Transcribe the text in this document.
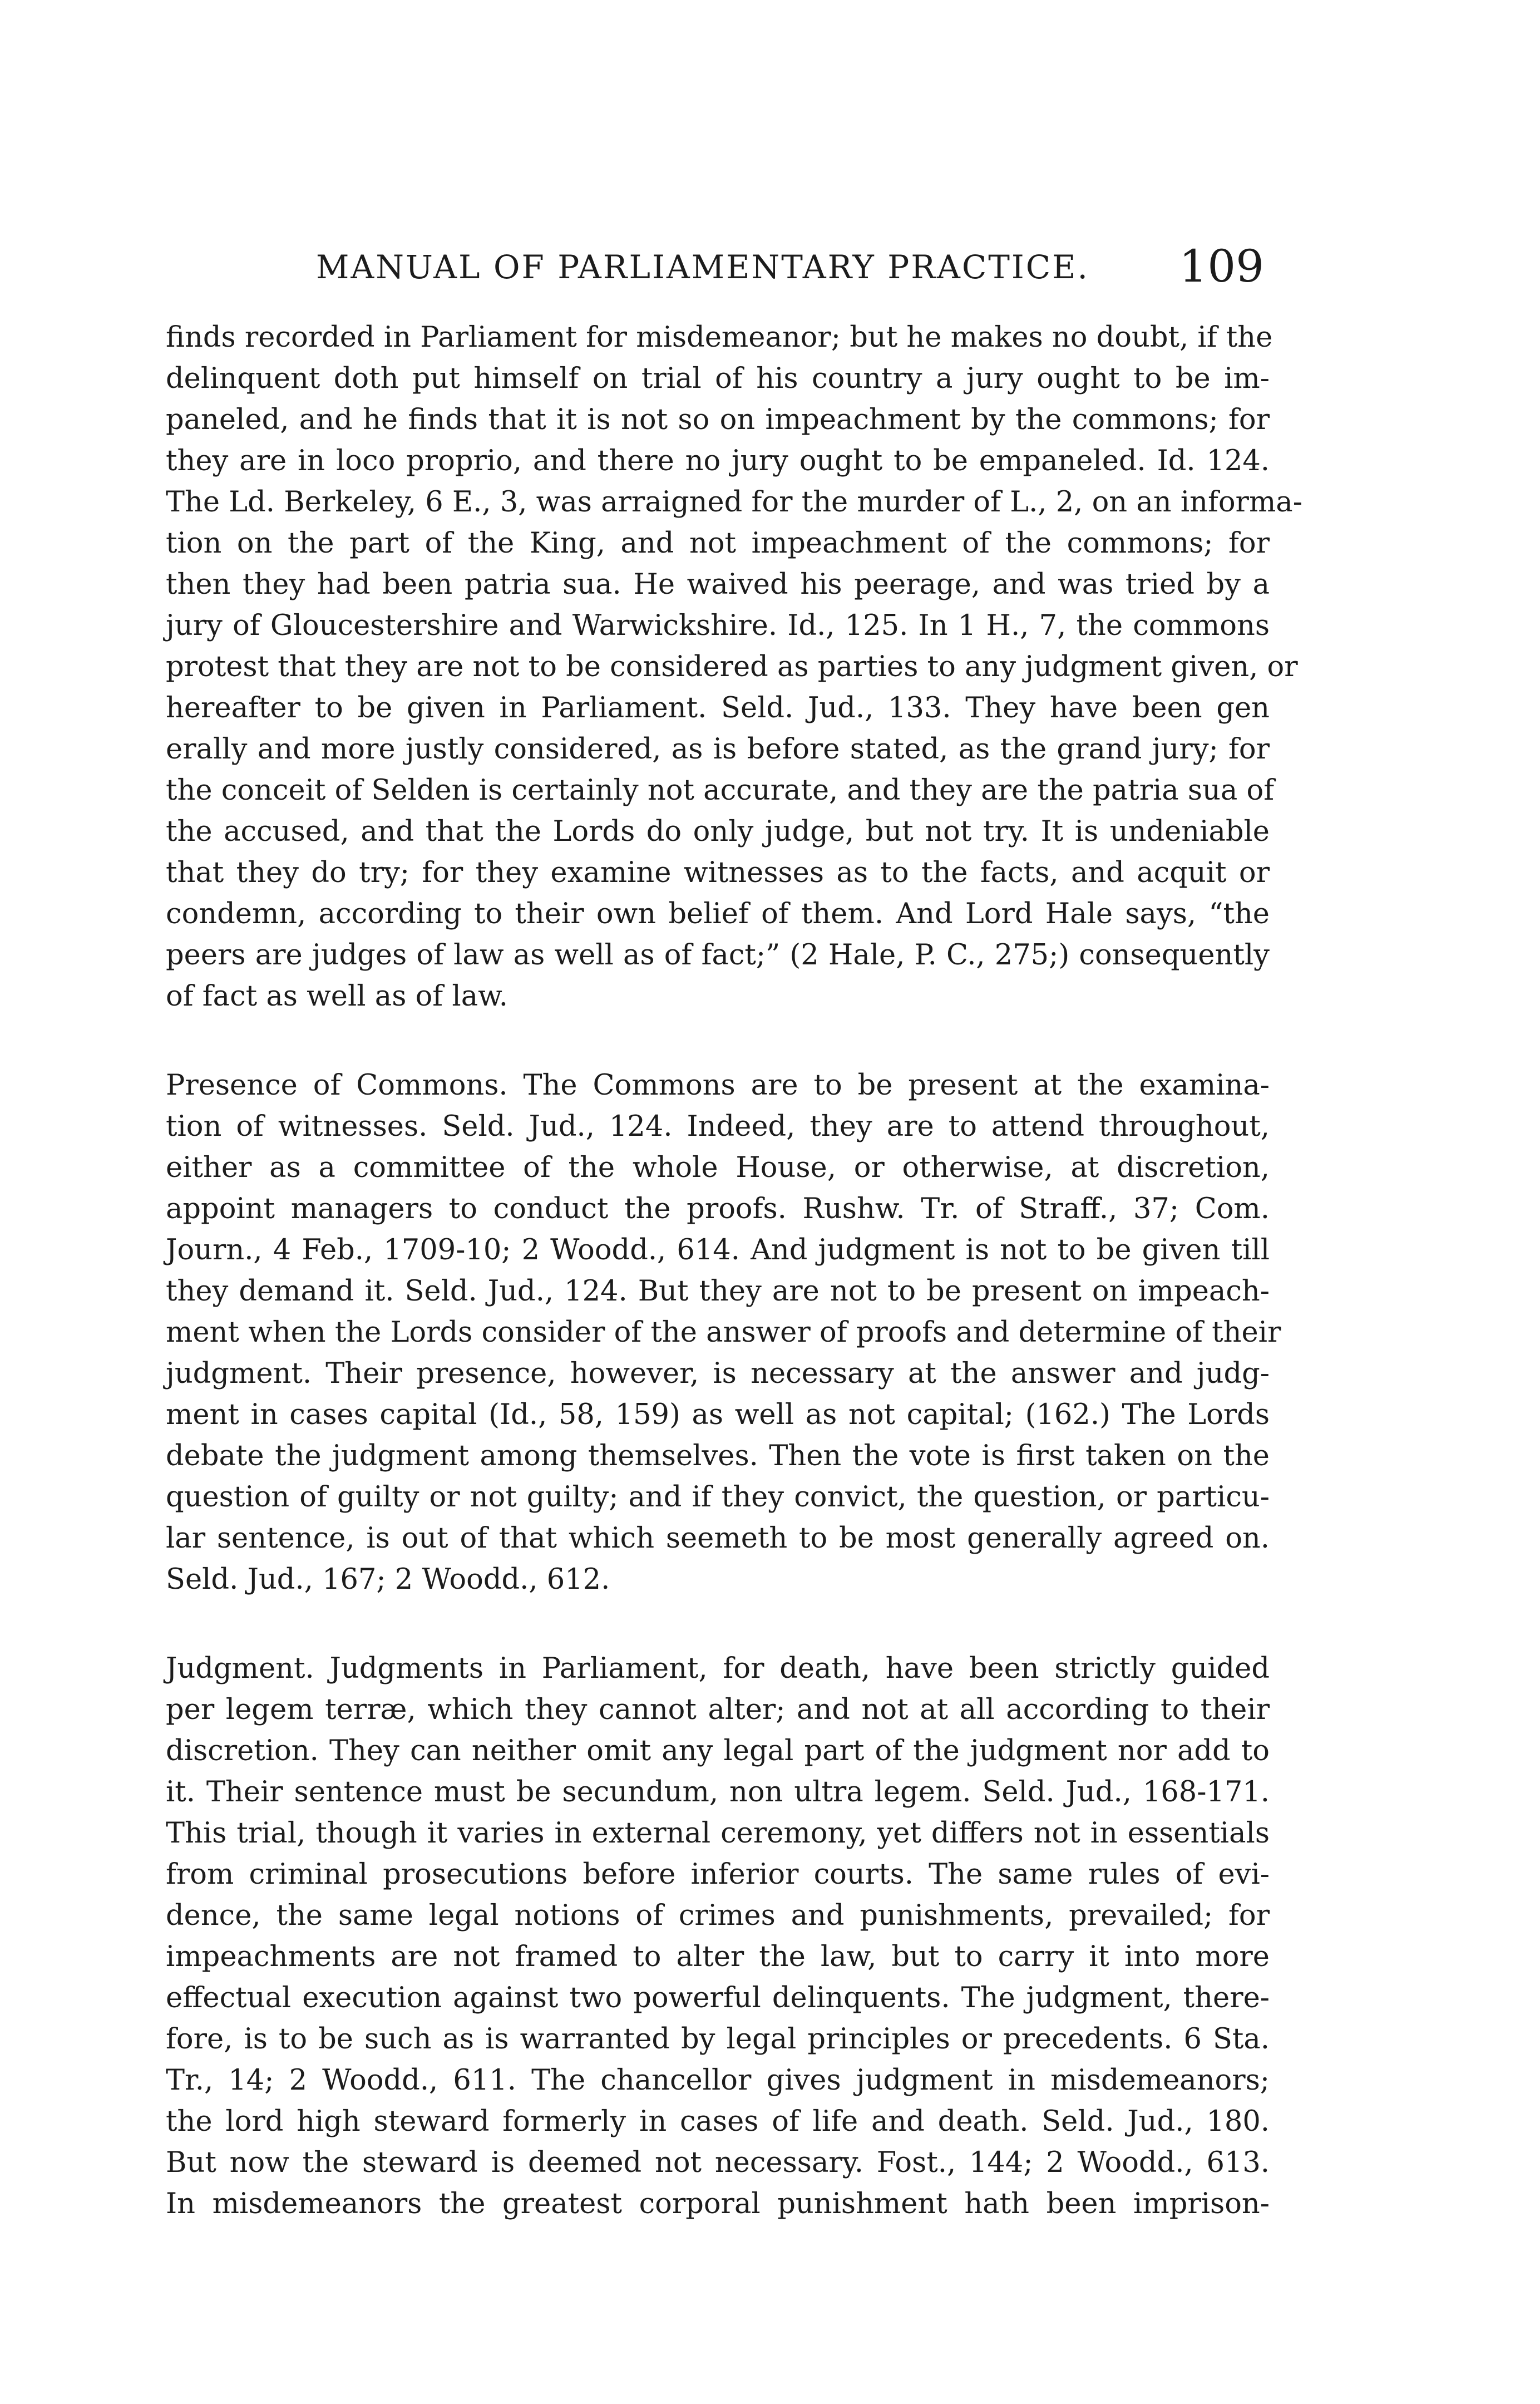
MANUAL OF PARLIAMENTARY PRACTICE. 109
finds recorded in Parliament for misdemeanor; but he makes no doubt, if the
delinquent doth put himself on trial of his country a jury ought to be im-
paneled, and he finds that it is not so on impeachment by the commons; for
they are in loco proprio, and there no jury ought to be empaneled. Id. 124.
The Ld. Berkeley, 6 E., 3, was arraigned for the murder of L., 2, on an informa-
tion on the part of the King, and not impeachment of the commons; for
then they had been patria sua. He waived his peerage, and was tried by a
jury of Gloucestershire and Warwickshire. Id., 125. In 1 H., 7, the commons
protest that they are not to be considered as parties to any judgment given, or
hereafter to be given in Parliament. Seld. Jud., 133. They have been gen
erally and more justly considered, as is before stated, as the grand jury; for
the conceit of Selden is certainly not accurate, and they are the patria sua of
the accused, and that the Lords do only judge, but not try. It is undeniable
that they do try; for they examine witnesses as to the facts, and acquit or
condemn, according to their own belief of them. And Lord Hale says, “the
peers are judges of law as well as of fact;” (2 Hale, P. C., 275;) consequently
of fact as well as of law.
Presence of Commons. The Commons are to be present at the examina-
tion of witnesses. Seld. Jud., 124. Indeed, they are to attend throughout,
either as a committee of the whole House, or otherwise, at discretion,
appoint managers to conduct the proofs. Rushw. Tr. of Straff., 37; Com.
Journ., 4 Feb., 1709-10; 2 Woodd., 614. And judgment is not to be given till
they demand it. Seld. Jud., 124. But they are not to be present on impeach-
ment when the Lords consider of the answer of proofs and determine of their
judgment. Their presence, however, is necessary at the answer and judg-
ment in cases capital (Id., 58, 159) as well as not capital; (162.) The Lords
debate the judgment among themselves. Then the vote is first taken on the
question of guilty or not guilty; and if they convict, the question, or particu-
lar sentence, is out of that which seemeth to be most generally agreed on.
Seld. Jud., 167; 2 Woodd., 612.
Judgment. Judgments in Parliament, for death, have been strictly guided
per legem terræ, which they cannot alter; and not at all according to their
discretion. They can neither omit any legal part of the judgment nor add to
it. Their sentence must be secundum, non ultra legem. Seld. Jud., 168-171.
This trial, though it varies in external ceremony, yet differs not in essentials
from criminal prosecutions before inferior courts. The same rules of evi-
dence, the same legal notions of crimes and punishments, prevailed; for
impeachments are not framed to alter the law, but to carry it into more
effectual execution against two powerful delinquents. The judgment, there-
fore, is to be such as is warranted by legal principles or precedents. 6 Sta.
Tr., 14; 2 Woodd., 611. The chancellor gives judgment in misdemeanors;
the lord high steward formerly in cases of life and death. Seld. Jud., 180.
But now the steward is deemed not necessary. Fost., 144; 2 Woodd., 613.
In misdemeanors the greatest corporal punishment hath been imprison-
